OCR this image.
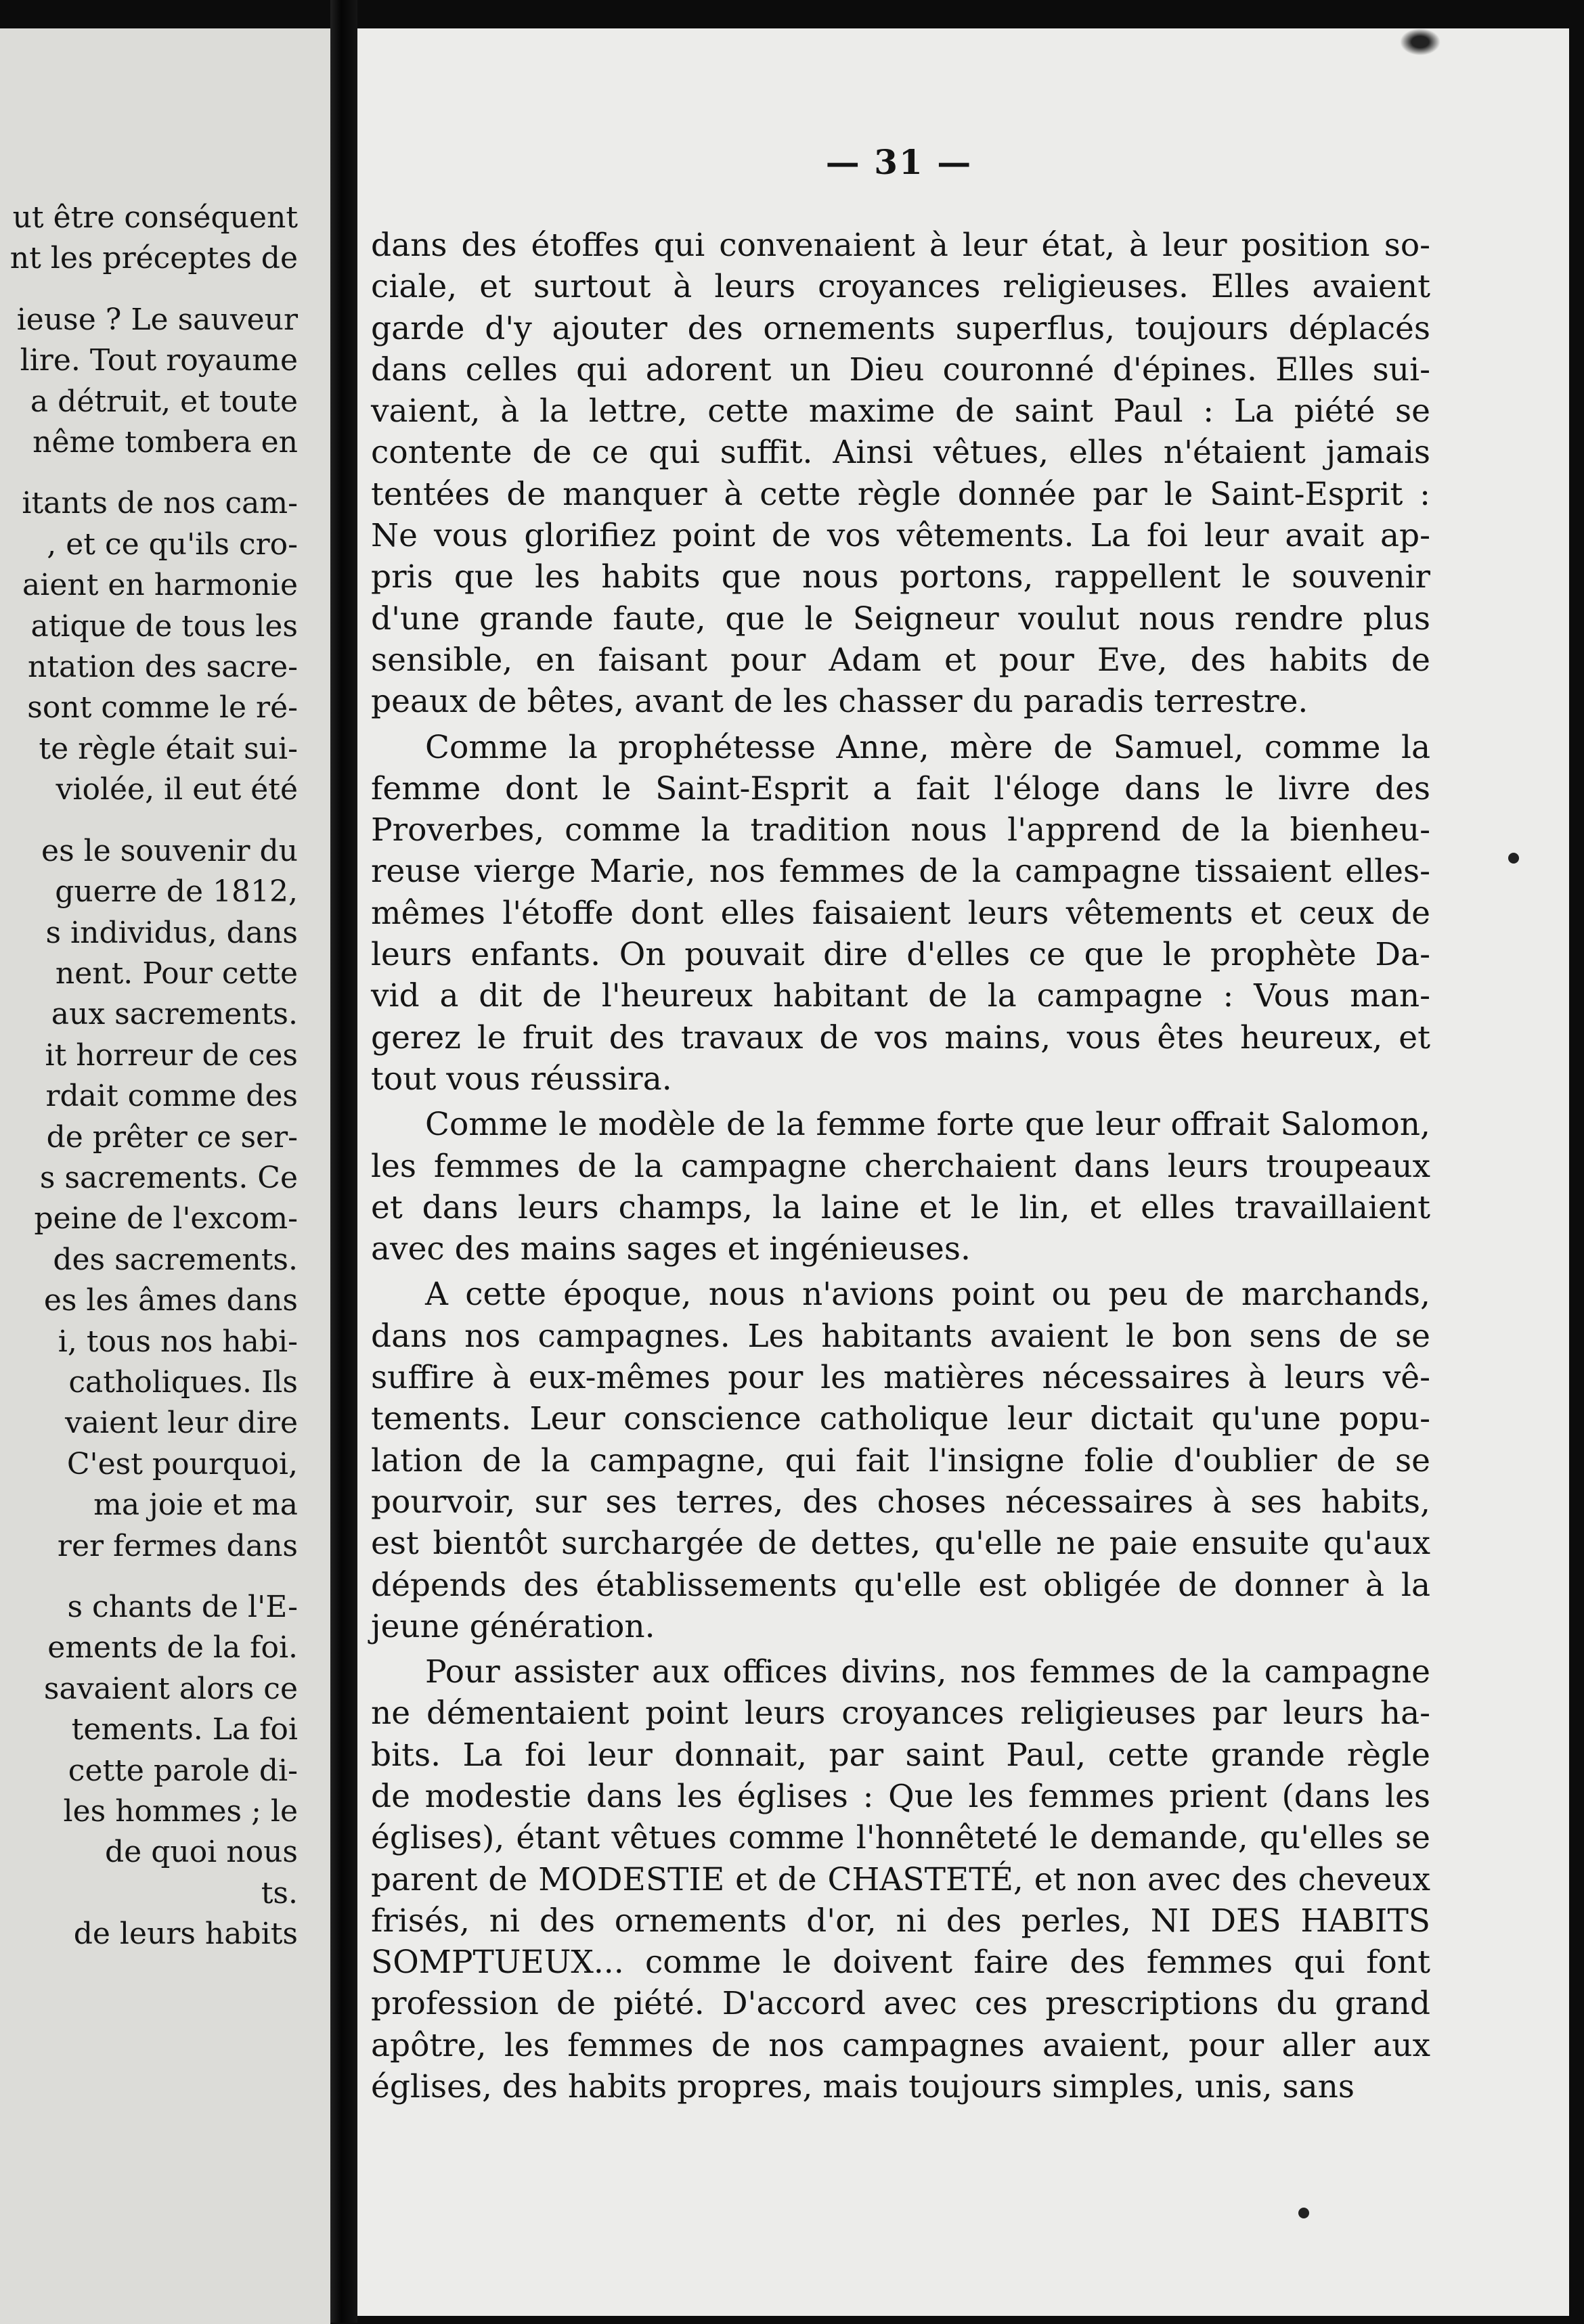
ut être conséquent
nt les préceptes de
ieuse ? Le sauveur
lire. Tout royaume
a détruit, et toute
nême tombera en
itants de nos cam-
, et ce qu'ils cro-
aient en harmonie
atique de tous les
ntation des sacre-
sont comme le ré-
te règle était sui-
violée, il eut été
es le souvenir du
guerre de 1812,
s individus, dans
nent. Pour cette
aux sacrements.
it horreur de ces
rdait comme des
de prêter ce ser-
s sacrements. Ce
peine de l'excom-
des sacrements.
es les âmes dans
i, tous nos habi-
catholiques. Ils
vaient leur dire
C'est pourquoi,
ma joie et ma
rer fermes dans
s chants de l'E-
ements de la foi.
savaient alors ce
tements. La foi
cette parole di-
les hommes ; le
de quoi nous
ts.
de leurs habits
— 31 —

dans des étoffes qui convenaient à leur état, à leur position so-
ciale, et surtout à leurs croyances religieuses. Elles avaient
garde d'y ajouter des ornements superflus, toujours déplacés
dans celles qui adorent un Dieu couronné d'épines. Elles sui-
vaient, à la lettre, cette maxime de saint Paul : La piété se
contente de ce qui suffit. Ainsi vêtues, elles n'étaient jamais
tentées de manquer à cette règle donnée par le Saint-Esprit :
Ne vous glorifiez point de vos vêtements. La foi leur avait ap-
pris que les habits que nous portons, rappellent le souvenir
d'une grande faute, que le Seigneur voulut nous rendre plus
sensible, en faisant pour Adam et pour Eve, des habits de
peaux de bêtes, avant de les chasser du paradis terrestre.

Comme la prophétesse Anne, mère de Samuel, comme la
femme dont le Saint-Esprit a fait l'éloge dans le livre des
Proverbes, comme la tradition nous l'apprend de la bienheu-
reuse vierge Marie, nos femmes de la campagne tissaient elles-
mêmes l'étoffe dont elles faisaient leurs vêtements et ceux de
leurs enfants. On pouvait dire d'elles ce que le prophète Da-
vid a dit de l'heureux habitant de la campagne : Vous man-
gerez le fruit des travaux de vos mains, vous êtes heureux, et
tout vous réussira.

Comme le modèle de la femme forte que leur offrait Salomon,
les femmes de la campagne cherchaient dans leurs troupeaux
et dans leurs champs, la laine et le lin, et elles travaillaient
avec des mains sages et ingénieuses.

A cette époque, nous n'avions point ou peu de marchands,
dans nos campagnes. Les habitants avaient le bon sens de se
suffire à eux-mêmes pour les matières nécessaires à leurs vê-
tements. Leur conscience catholique leur dictait qu'une popu-
lation de la campagne, qui fait l'insigne folie d'oublier de se
pourvoir, sur ses terres, des choses nécessaires à ses habits,
est bientôt surchargée de dettes, qu'elle ne paie ensuite qu'aux
dépends des établissements qu'elle est obligée de donner à la
jeune génération.

Pour assister aux offices divins, nos femmes de la campagne
ne démentaient point leurs croyances religieuses par leurs ha-
bits. La foi leur donnait, par saint Paul, cette grande règle
de modestie dans les églises : Que les femmes prient (dans les
églises), étant vêtues comme l'honnêteté le demande, qu'elles se
parent de MODESTIE et de CHASTETÉ, et non avec des cheveux
frisés, ni des ornements d'or, ni des perles, NI DES HABITS
SOMPTUEUX... comme le doivent faire des femmes qui font
profession de piété. D'accord avec ces prescriptions du grand
apôtre, les femmes de nos campagnes avaient, pour aller aux
églises, des habits propres, mais toujours simples, unis, sans
